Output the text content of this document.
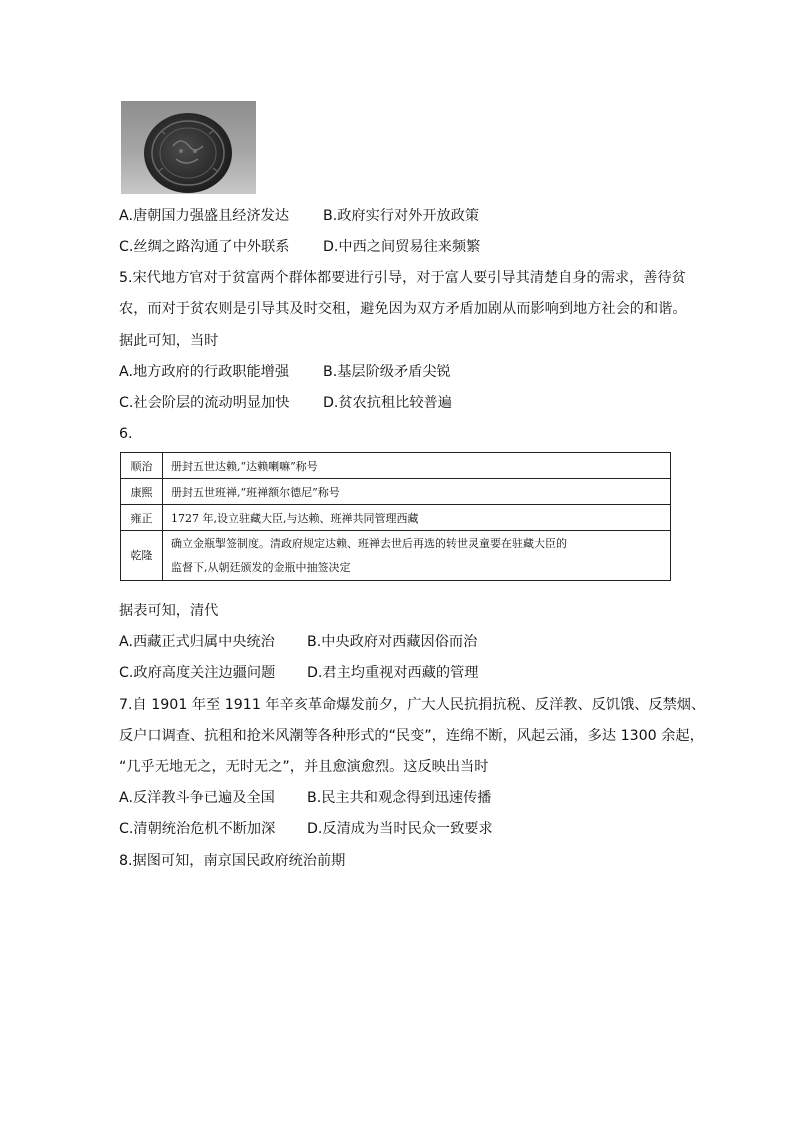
A.唐朝国力强盛且经济发达 B.政府实行对外开放政策
C.丝绸之路沟通了中外联系 D.中西之间贸易往来频繁
5.宋代地方官对于贫富两个群体都要进行引导，对于富人要引导其清楚自身的需求，善待贫
农，而对于贫农则是引导其及时交租，避免因为双方矛盾加剧从而影响到地方社会的和谐。
据此可知，当时
A.地方政府的行政职能增强 B.基层阶级矛盾尖锐
C.社会阶层的流动明显加快 D.贫农抗租比较普遍
6.
顺治	册封五世达赖,“达赖喇嘛”称号
康熙	册封五世班禅,“班禅额尔德尼”称号
雍正	1727 年,设立驻藏大臣,与达赖、班禅共同管理西藏
乾隆	确立金瓶掣签制度。清政府规定达赖、班禅去世后再选的转世灵童要在驻藏大臣的
监督下,从朝廷颁发的金瓶中抽签决定
据表可知，清代
A.西藏正式归属中央统治 B.中央政府对西藏因俗而治
C.政府高度关注边疆问题 D.君主均重视对西藏的管理
7.自 1901 年至 1911 年辛亥革命爆发前夕，广大人民抗捐抗税、反洋教、反饥饿、反禁烟、
反户口调查、抗租和抢米风潮等各种形式的“民变”，连绵不断，风起云涌，多达 1300 余起，
“几乎无地无之，无时无之”，并且愈演愈烈。这反映出当时
A.反洋教斗争已遍及全国 B.民主共和观念得到迅速传播
C.清朝统治危机不断加深 D.反清成为当时民众一致要求
8.据图可知，南京国民政府统治前期
